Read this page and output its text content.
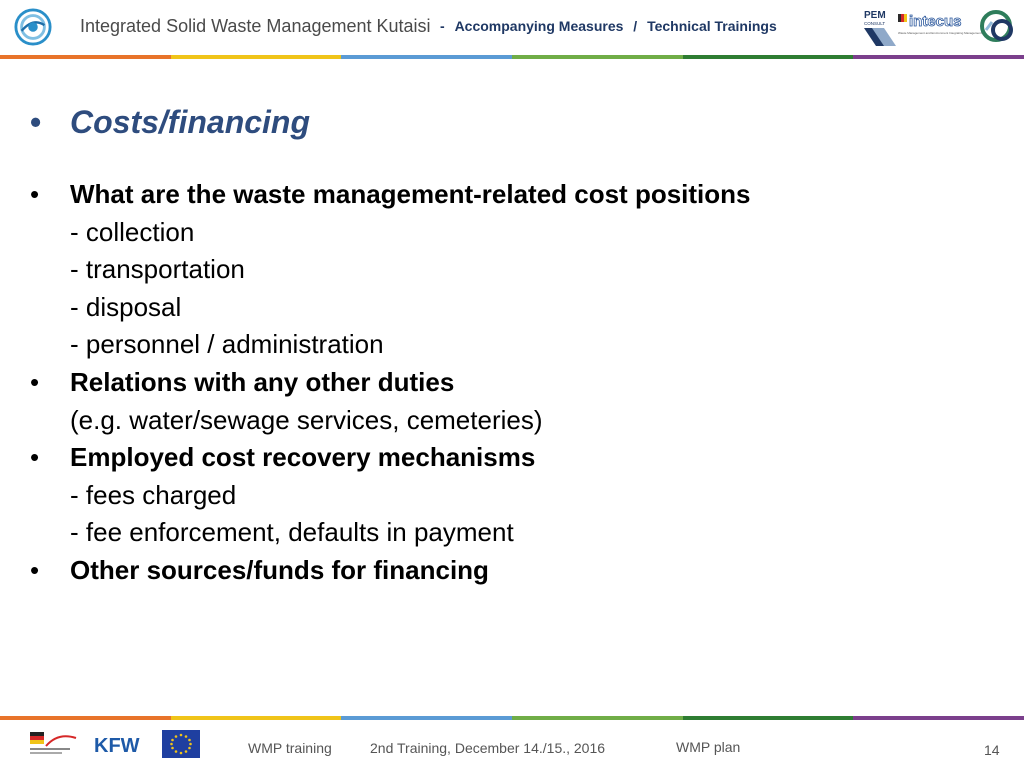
Integrated Solid Waste Management Kutaisi - Accompanying Measures / Technical Trainings
PEM
CONSULT intecus
Waste Management and Environment Integrating Management
• Costs/financing
•	What are the waste management-related cost positions
- collection
- transportation
- disposal
- personnel / administration
•	Relations with any other duties
(e.g. water/sewage services, cemeteries)
•	Employed cost recovery mechanisms
- fees charged
- fee enforcement, defaults in payment
•	Other sources/funds for financing
KFW	WMP training	2nd Training, December 14./15., 2016	WMP plan	14
